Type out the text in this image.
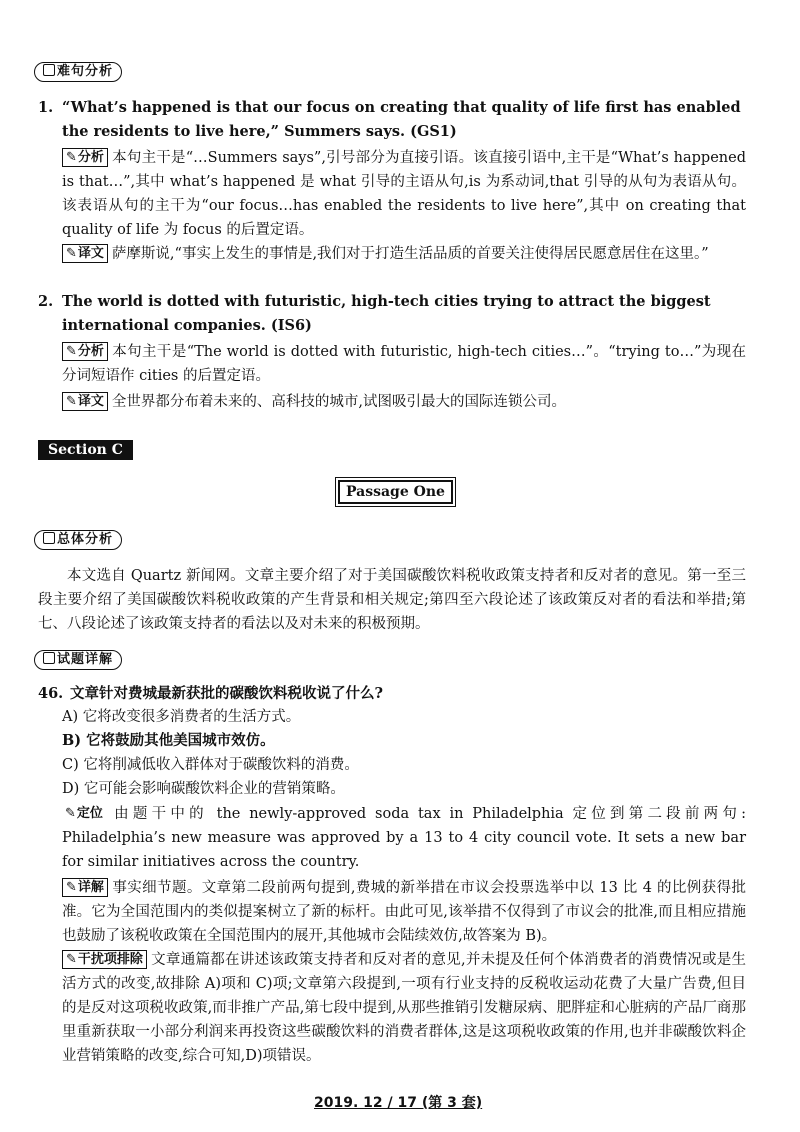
难句分析
1. “What’s happened is that our focus on creating that quality of life first has enabled the residents to live here,” Summers says. (GS1)
✎分析 本句主干是“…Summers says”,引号部分为直接引语。该直接引语中,主干是“What’s happened is that…”,其中 what’s happened 是 what 引导的主语从句,is 为系动词,that 引导的从句为表语从句。该表语从句的主干为“our focus…has enabled the residents to live here”,其中 on creating that quality of life 为 focus 的后置定语。
✎译文 萨摩斯说,“事实上发生的事情是,我们对于打造生活品质的首要关注使得居民愿意居住在这里。”
2. The world is dotted with futuristic, high-tech cities trying to attract the biggest international companies. (IS6)
✎分析 本句主干是“The world is dotted with futuristic, high-tech cities…”。“trying to…”为现在分词短语作 cities 的后置定语。
✎译文 全世界都分布着未来的、高科技的城市,试图吸引最大的国际连锁公司。
Section C
Passage One
总体分析
本文选自 Quartz 新闻网。文章主要介绍了对于美国碳酸饮料税收政策支持者和反对者的意见。第一至三段主要介绍了美国碳酸饮料税收政策的产生背景和相关规定;第四至六段论述了该政策反对者的看法和举措;第七、八段论述了该政策支持者的看法以及对未来的积极预期。
试题详解
46. 文章针对费城最新获批的碳酸饮料税收说了什么?
A) 它将改变很多消费者的生活方式。
B) 它将鼓励其他美国城市效仿。
C) 它将削减低收入群体对于碳酸饮料的消费。
D) 它可能会影响碳酸饮料企业的营销策略。
✎定位 由题干中的 the newly-approved soda tax in Philadelphia 定位到第二段前两句: Philadelphia’s new measure was approved by a 13 to 4 city council vote. It sets a new bar for similar initiatives across the country.
✎详解 事实细节题。文章第二段前两句提到,费城的新举措在市议会投票选举中以 13 比 4 的比例获得批准。它为全国范围内的类似提案树立了新的标杆。由此可见,该举措不仅得到了市议会的批准,而且相应措施也鼓励了该税收政策在全国范围内的展开,其他城市会陆续效仿,故答案为 B)。
✎干扰项排除 文章通篇都在讲述该政策支持者和反对者的意见,并未提及任何个体消费者的消费情况或是生活方式的改变,故排除 A)项和 C)项;文章第六段提到,一项有行业支持的反税收运动花费了大量广告费,但目的是反对这项税收政策,而非推广产品,第七段中提到,从那些推销引发糖尿病、肥胖症和心脏病的产品厂商那里重新获取一小部分利润来再投资这些碳酸饮料的消费者群体,这是这项税收政策的作用,也并非碳酸饮料企业营销策略的改变,综合可知,D)项错误。
2019. 12 / 17 (第 3 套)
